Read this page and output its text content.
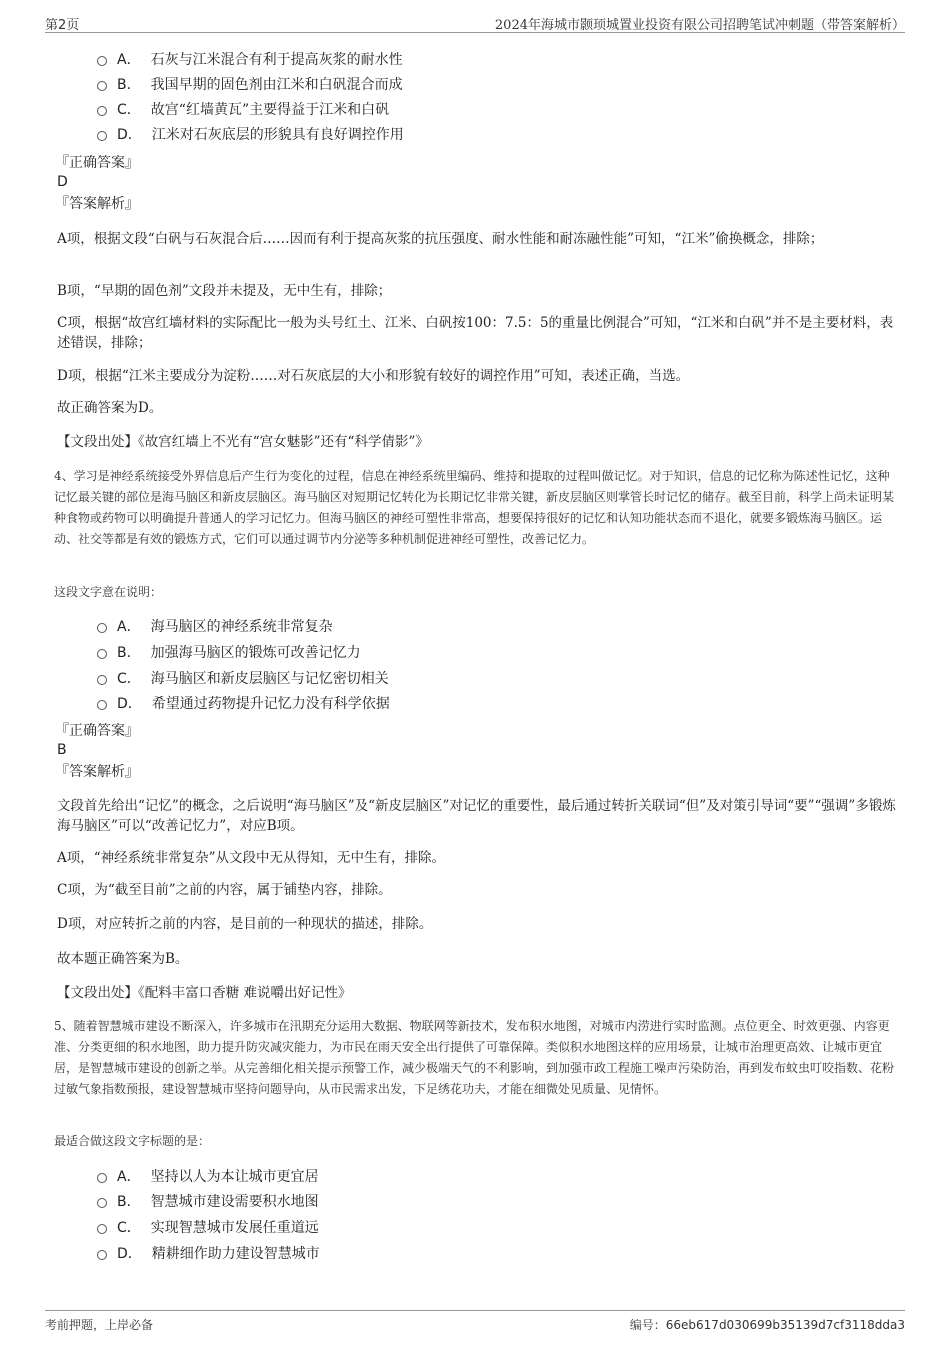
第2页	2024年海城市颢顼城置业投资有限公司招聘笔试冲刺题（带答案解析）
A． 石灰与江米混合有利于提高灰浆的耐水性
B． 我国早期的固色剂由江米和白矾混合而成
C． 故宫“红墙黄瓦”主要得益于江米和白矾
D． 江米对石灰底层的形貌具有良好调控作用
『正确答案』
D
『答案解析』
A项，根据文段“白矾与石灰混合后……因而有利于提高灰浆的抗压强度、耐水性能和耐冻融性能”可知，“江米”偷换概念，排除；
B项，“早期的固色剂”文段并未提及，无中生有，排除；
C项，根据“故宫红墙材料的实际配比一般为头号红土、江米、白矾按100：7.5：5的重量比例混合”可知，“江米和白矾”并不是主要材料，表述错误，排除；
D项，根据“江米主要成分为淀粉……对石灰底层的大小和形貌有较好的调控作用”可知，表述正确，当选。
故正确答案为D。
【文段出处】《故宫红墙上不光有“宫女魅影”还有“科学倩影”》
4、学习是神经系统接受外界信息后产生行为变化的过程，信息在神经系统里编码、维持和提取的过程叫做记忆。对于知识，信息的记忆称为陈述性记忆，这种记忆最关键的部位是海马脑区和新皮层脑区。海马脑区对短期记忆转化为长期记忆非常关键，新皮层脑区则掌管长时记忆的储存。截至目前，科学上尚未证明某种食物或药物可以明确提升普通人的学习记忆力。但海马脑区的神经可塑性非常高，想要保持很好的记忆和认知功能状态而不退化，就要多锻炼海马脑区。运动、社交等都是有效的锻炼方式，它们可以通过调节内分泌等多种机制促进神经可塑性，改善记忆力。
这段文字意在说明：
A． 海马脑区的神经系统非常复杂
B． 加强海马脑区的锻炼可改善记忆力
C． 海马脑区和新皮层脑区与记忆密切相关
D． 希望通过药物提升记忆力没有科学依据
『正确答案』
B
『答案解析』
文段首先给出“记忆”的概念，之后说明“海马脑区”及“新皮层脑区”对记忆的重要性，最后通过转折关联词“但”及对策引导词“要”“强调”多锻炼海马脑区”可以“改善记忆力”，对应B项。
A项，“神经系统非常复杂”从文段中无从得知，无中生有，排除。
C项，为“截至目前”之前的内容，属于铺垫内容，排除。
D项，对应转折之前的内容，是目前的一种现状的描述，排除。
故本题正确答案为B。
【文段出处】《配料丰富口香糖 难说嚼出好记性》
5、随着智慧城市建设不断深入，许多城市在汛期充分运用大数据、物联网等新技术，发布积水地图，对城市内涝进行实时监测。点位更全、时效更强、内容更准、分类更细的积水地图，助力提升防灾减灾能力，为市民在雨天安全出行提供了可靠保障。类似积水地图这样的应用场景，让城市治理更高效、让城市更宜居，是智慧城市建设的创新之举。从完善细化相关提示预警工作，减少极端天气的不利影响，到加强市政工程施工噪声污染防治，再到发布蚊虫叮咬指数、花粉过敏气象指数预报，建设智慧城市坚持问题导向，从市民需求出发，下足绣花功夫，才能在细微处见质量、见情怀。
最适合做这段文字标题的是：
A． 坚持以人为本让城市更宜居
B． 智慧城市建设需要积水地图
C． 实现智慧城市发展任重道远
D． 精耕细作助力建设智慧城市
考前押题，上岸必备	编号：66eb617d030699b35139d7cf3118dda3
